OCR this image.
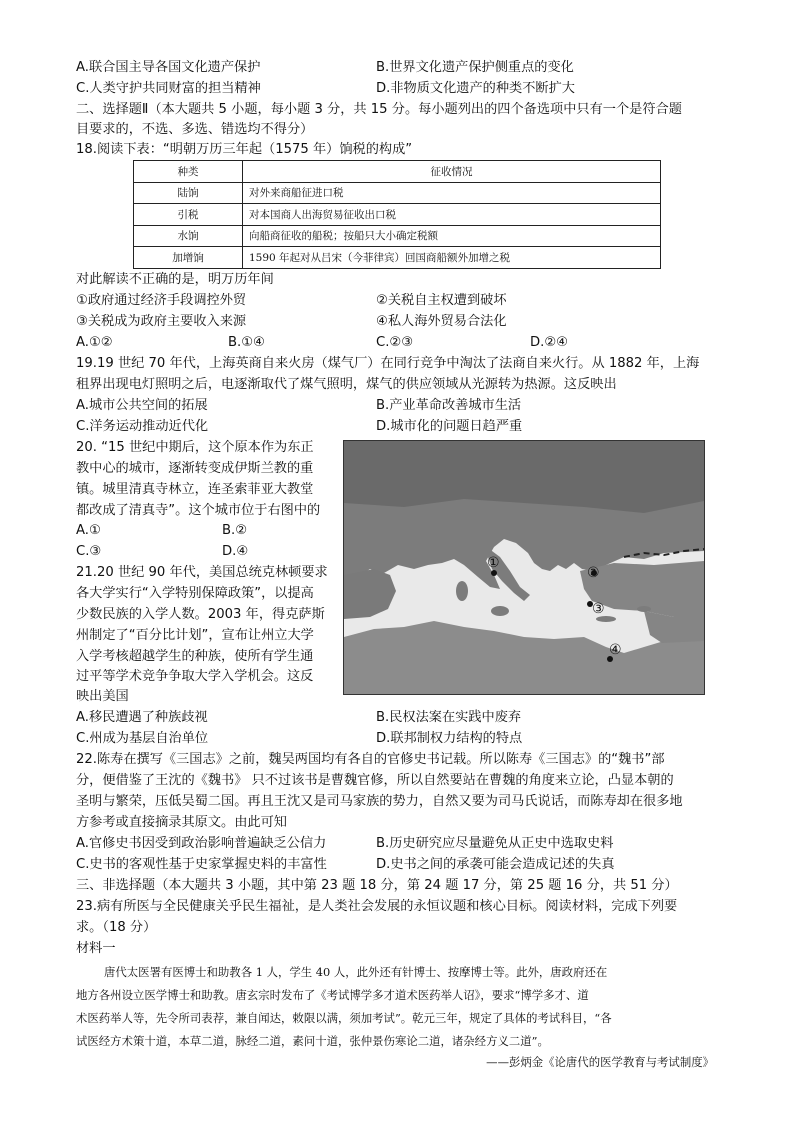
A.联合国主导各国文化遗产保护	B.世界文化遗产保护侧重点的变化
C.人类守护共同财富的担当精神	D.非物质文化遗产的种类不断扩大
二、选择题Ⅱ（本大题共 5 小题，每小题 3 分，共 15 分。每小题列出的四个备选项中只有一个是符合题
目要求的，不选、多选、错选均不得分）
18.阅读下表：“明朝万历三年起（1575 年）饷税的构成”
种类	征收情况
陆饷	对外来商船征进口税
引税	对本国商人出海贸易征收出口税
水饷	向船商征收的船税；按船只大小确定税额
加增饷	1590 年起对从吕宋（今菲律宾）回国商船额外加增之税
对此解读不正确的是，明万历年间
①政府通过经济手段调控外贸	②关税自主权遭到破坏
③关税成为政府主要收入来源	④私人海外贸易合法化
A.①②	B.①④	C.②③	D.②④
19.19 世纪 70 年代，上海英商自来火房（煤气厂）在同行竞争中淘汰了法商自来火行。从 1882 年，上海
租界出现电灯照明之后，电逐渐取代了煤气照明，煤气的供应领域从光源转为热源。这反映出
A.城市公共空间的拓展	B.产业革命改善城市生活
C.洋务运动推动近代化	D.城市化的问题日趋严重
20. “15 世纪中期后，这个原本作为东正
教中心的城市，逐渐转变成伊斯兰教的重
镇。城里清真寺林立，连圣索菲亚大教堂
都改成了清真寺”。这个城市位于右图中的
A.①	B.②
C.③	D.④
①
②
③
④
21.20 世纪 90 年代，美国总统克林顿要求
各大学实行“入学特别保障政策”，以提高
少数民族的入学人数。2003 年，得克萨斯
州制定了“百分比计划”，宣布让州立大学
入学考核超越学生的种族，使所有学生通
过平等学术竞争争取大学入学机会。这反
映出美国
A.移民遭遇了种族歧视	B.民权法案在实践中废弃
C.州成为基层自治单位	D.联邦制权力结构的特点
22.陈寿在撰写《三国志》之前，魏吴两国均有各自的官修史书记载。所以陈寿《三国志》的“魏书”部
分，便借鉴了王沈的《魏书》 只不过该书是曹魏官修，所以自然要站在曹魏的角度来立论，凸显本朝的
圣明与繁荣，压低吴蜀二国。再且王沈又是司马家族的势力，自然又要为司马氏说话，而陈寿却在很多地
方参考或直接摘录其原文。由此可知
A.官修史书因受到政治影响普遍缺乏公信力	B.历史研究应尽量避免从正史中选取史料
C.史书的客观性基于史家掌握史料的丰富性	D.史书之间的承袭可能会造成记述的失真
三、非选择题（本大题共 3 小题，其中第 23 题 18 分，第 24 题 17 分，第 25 题 16 分，共 51 分）
23.病有所医与全民健康关乎民生福祉，是人类社会发展的永恒议题和核心目标。阅读材料，完成下列要
求。（18 分）
材料一
唐代太医署有医博士和助教各 1 人，学生 40 人，此外还有针博士、按摩博士等。此外，唐政府还在
地方各州设立医学博士和助教。唐玄宗时发布了《考试博学多才道术医药举人诏》，要求“博学多才、道
术医药举人等，先令所司表荐，兼自闻达，敕限以满，须加考试”。乾元三年，规定了具体的考试科目，“各
试医经方术策十道，本草二道，脉经二道，素问十道，张仲景伤寒论二道，诸杂经方义二道”。
——彭炳金《论唐代的医学教育与考试制度》
